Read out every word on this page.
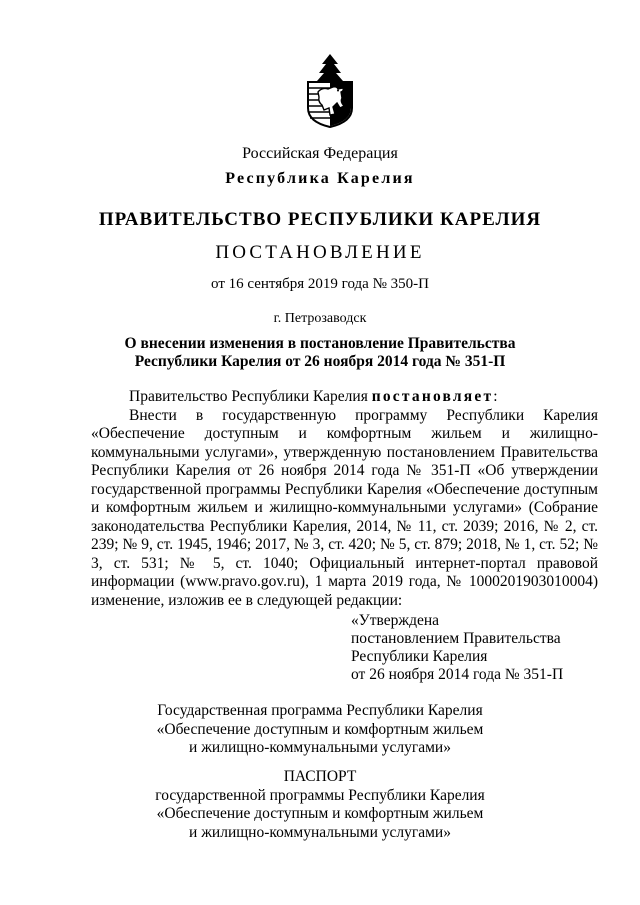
Российская Федерация
Республика Карелия
ПРАВИТЕЛЬСТВО РЕСПУБЛИКИ КАРЕЛИЯ
ПОСТАНОВЛЕНИЕ
от 16 сентября 2019 года № 350-П
г. Петрозаводск
О внесении изменения в постановление Правительства
Республики Карелия от 26 ноября 2014 года № 351-П

Правительство Республики Карелия постановляет:

Внести в государственную программу Республики Карелия «Обеспечение доступным и комфортным жильем и жилищно-коммунальными услугами», утвержденную постановлением Правительства Республики Карелия от 26 ноября 2014 года № 351-П «Об утверждении государственной программы Республики Карелия «Обеспечение доступным и комфортным жильем и жилищно-коммунальными услугами» (Собрание законодательства Республики Карелия, 2014, № 11, ст. 2039; 2016, № 2, ст. 239; № 9, ст. 1945, 1946; 2017, № 3, ст. 420; № 5, ст. 879; 2018, № 1, ст. 52; № 3, ст. 531; № 5, ст. 1040; Официальный интернет-портал правовой информации (www.pravo.gov.ru), 1 марта 2019 года, № 1000201903010004) изменение, изложив ее в следующей редакции:

«Утверждена
постановлением Правительства
Республики Карелия
от 26 ноября 2014 года № 351-П
Государственная программа Республики Карелия
«Обеспечение доступным и комфортным жильем
и жилищно-коммунальными услугами»
ПАСПОРТ
государственной программы Республики Карелия
«Обеспечение доступным и комфортным жильем
и жилищно-коммунальными услугами»
